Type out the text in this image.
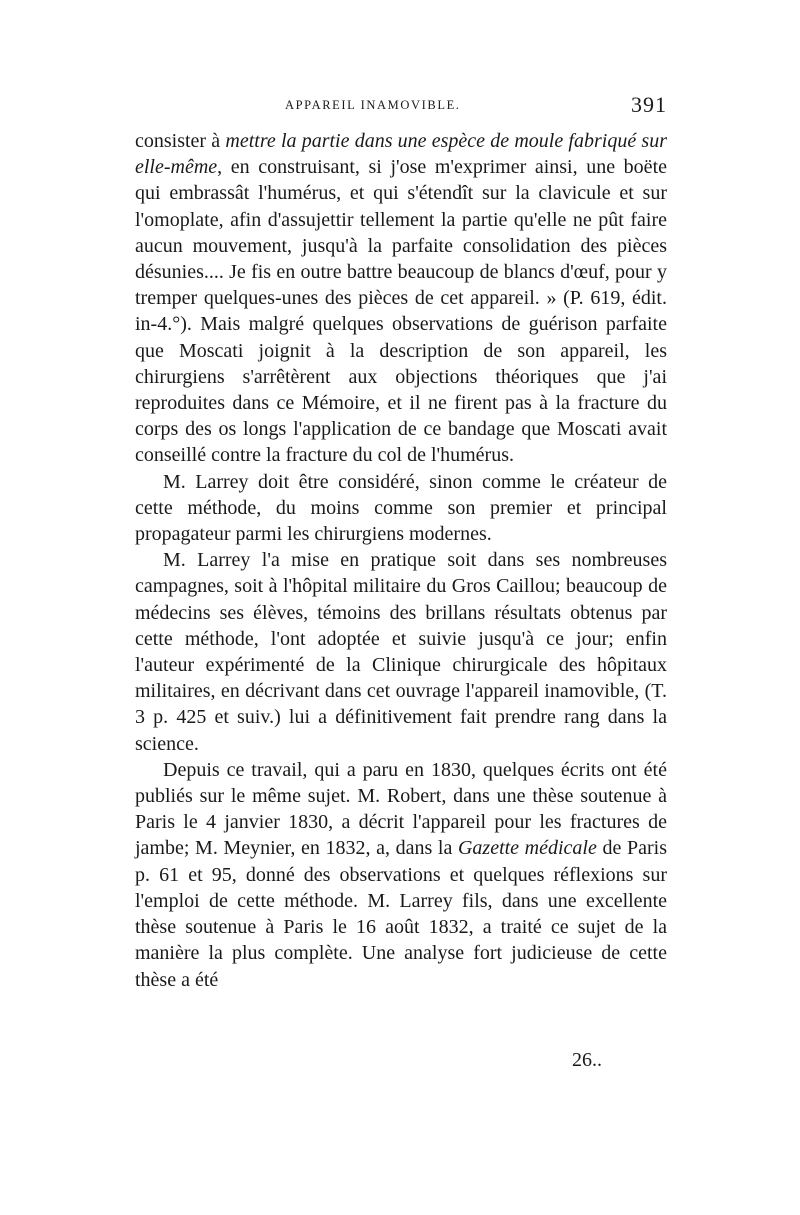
APPAREIL INAMOVIBLE.	391

consister à mettre la partie dans une espèce de moule fabriqué sur elle-même, en construisant, si j'ose m'exprimer ainsi, une boëte qui embrassât l'humérus, et qui s'étendît sur la clavicule et sur l'omoplate, afin d'assujettir tellement la partie qu'elle ne pût faire aucun mouvement, jusqu'à la parfaite consolidation des pièces désunies.... Je fis en outre battre beaucoup de blancs d'œuf, pour y tremper quelques-unes des pièces de cet appareil. » (P. 619, édit. in-4.°). Mais malgré quelques observations de guérison parfaite que Moscati joignit à la description de son appareil, les chirurgiens s'arrêtèrent aux objections théoriques que j'ai reproduites dans ce Mémoire, et il ne firent pas à la fracture du corps des os longs l'application de ce bandage que Moscati avait conseillé contre la fracture du col de l'humérus.

M. Larrey doit être considéré, sinon comme le créateur de cette méthode, du moins comme son premier et principal propagateur parmi les chirurgiens modernes.

M. Larrey l'a mise en pratique soit dans ses nombreuses campagnes, soit à l'hôpital militaire du Gros Caillou; beaucoup de médecins ses élèves, témoins des brillans résultats obtenus par cette méthode, l'ont adoptée et suivie jusqu'à ce jour; enfin l'auteur expérimenté de la Clinique chirurgicale des hôpitaux militaires, en décrivant dans cet ouvrage l'appareil inamovible, (T. 3 p. 425 et suiv.) lui a définitivement fait prendre rang dans la science.

Depuis ce travail, qui a paru en 1830, quelques écrits ont été publiés sur le même sujet. M. Robert, dans une thèse soutenue à Paris le 4 janvier 1830, a décrit l'appareil pour les fractures de jambe; M. Meynier, en 1832, a, dans la Gazette médicale de Paris p. 61 et 95, donné des observations et quelques réflexions sur l'emploi de cette méthode. M. Larrey fils, dans une excellente thèse soutenue à Paris le 16 août 1832, a traité ce sujet de la manière la plus complète. Une analyse fort judicieuse de cette thèse a été

26..
